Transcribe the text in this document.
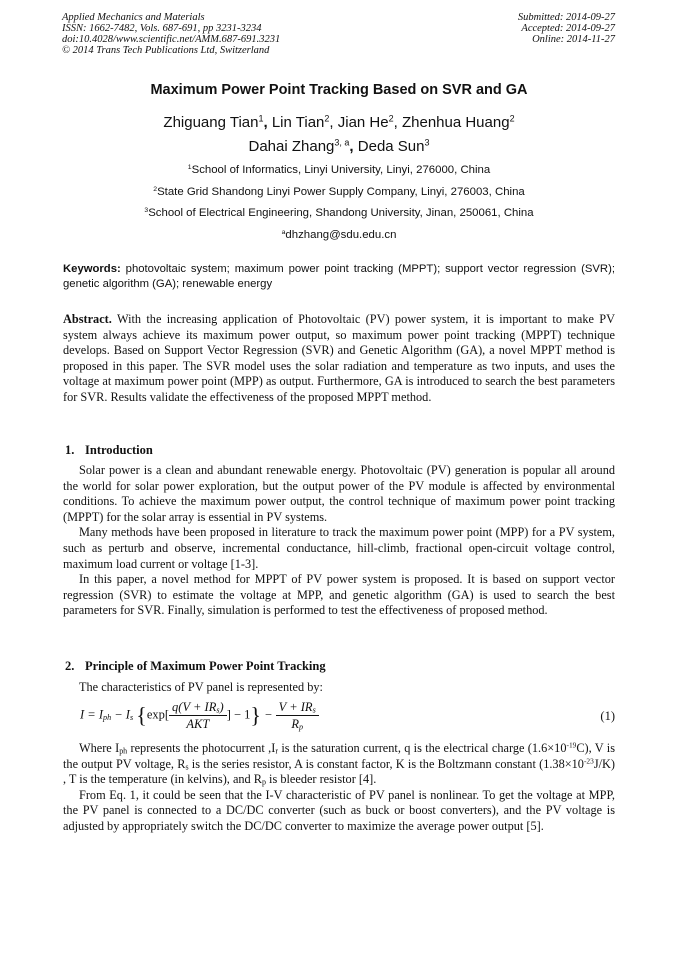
Applied Mechanics and Materials
ISSN: 1662-7482, Vols. 687-691, pp 3231-3234
doi:10.4028/www.scientific.net/AMM.687-691.3231
© 2014 Trans Tech Publications Ltd, Switzerland
Submitted: 2014-09-27
Accepted: 2014-09-27
Online: 2014-11-27
Maximum Power Point Tracking Based on SVR and GA
Zhiguang Tian$^1$, Lin Tian$^2$, Jian He$^2$, Zhenhua Huang$^2$
Dahai Zhang$^{3, a}$, Deda Sun$^3$
$^1$School of Informatics, Linyi University, Linyi, 276000, China
$^2$State Grid Shandong Linyi Power Supply Company, Linyi, 276003, China
$^3$School of Electrical Engineering, Shandong University, Jinan, 250061, China
$^a$dhzhang@sdu.edu.cn
Keywords: photovoltaic system; maximum power point tracking (MPPT); support vector regression (SVR); genetic algorithm (GA); renewable energy
Abstract. With the increasing application of Photovoltaic (PV) power system, it is important to make PV system always achieve its maximum power output, so maximum power point tracking (MPPT) technique develops. Based on Support Vector Regression (SVR) and Genetic Algorithm (GA), a novel MPPT method is proposed in this paper. The SVR model uses the solar radiation and temperature as two inputs, and uses the voltage at maximum power point (MPP) as output. Furthermore, GA is introduced to search the best parameters for SVR. Results validate the effectiveness of the proposed MPPT method.
1. Introduction

Solar power is a clean and abundant renewable energy. Photovoltaic (PV) generation is popular all around the world for solar power exploration, but the output power of the PV module is affected by environmental conditions. To achieve the maximum power output, the control technique of maximum power point tracking (MPPT) for the solar array is essential in PV systems.

Many methods have been proposed in literature to track the maximum power point (MPP) for a PV system, such as perturb and observe, incremental conductance, hill-climb, fractional open-circuit voltage control, maximum load current or voltage [1-3].

In this paper, a novel method for MPPT of PV power system is proposed. It is based on support vector regression (SVR) to estimate the voltage at MPP, and genetic algorithm (GA) is used to search the best parameters for SVR. Finally, simulation is performed to test the effectiveness of proposed method.

2. Principle of Maximum Power Point Tracking

The characteristics of PV panel is represented by:

$I = I_{ph} - I_s$ {$\exp[ \frac{q(V + IR_s)}{\text{AKT}}$ ] − $1\} - \frac{V + IR_s}{R_p}$	(1)

Where $I_{ph}$ represents the photocurrent $,I_r$ is the saturation current, q is the electrical charge $(1.6\times 10^{-19}C)$, V is the output PV voltage, $R_s$ is the series resistor, A is constant factor, K is the Boltzmann constant $(1.38\times 10^{-23}J/K)$ , T is the temperature (in kelvins), and $R_p$ is bleeder resistor [4].

From Eq. 1, it could be seen that the I-V characteristic of PV panel is nonlinear. To get the voltage at MPP, the PV panel is connected to a DC/DC converter (such as buck or boost converters), and the PV voltage is adjusted by appropriately switch the DC/DC converter to maximize the average power output [5].
